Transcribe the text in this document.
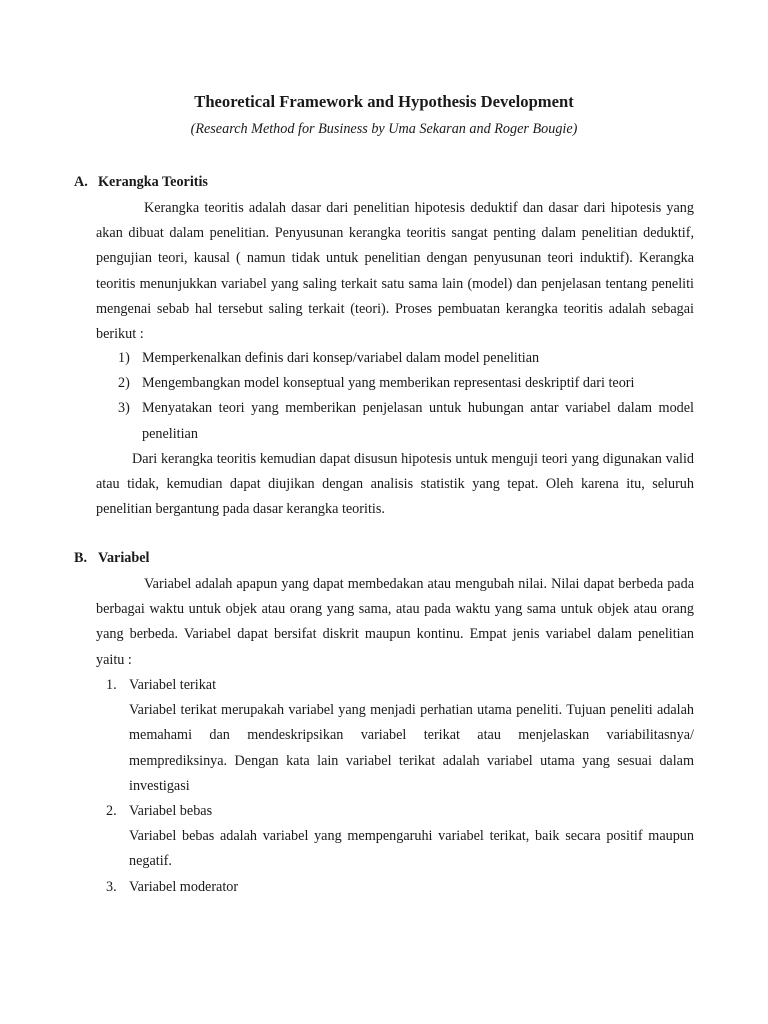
Theoretical Framework and Hypothesis Development
(Research Method for Business by Uma Sekaran and Roger Bougie)
A. Kerangka Teoritis

Kerangka teoritis adalah dasar dari penelitian hipotesis deduktif dan dasar dari hipotesis yang akan dibuat dalam penelitian. Penyusunan kerangka teoritis sangat penting dalam penelitian deduktif, pengujian teori, kausal ( namun tidak untuk penelitian dengan penyusunan teori induktif). Kerangka teoritis menunjukkan variabel yang saling terkait satu sama lain (model) dan penjelasan tentang peneliti mengenai sebab hal tersebut saling terkait (teori). Proses pembuatan kerangka teoritis adalah sebagai berikut :

1) Memperkenalkan definis dari konsep/variabel dalam model penelitian
2) Mengembangkan model konseptual yang memberikan representasi deskriptif dari teori
3) Menyatakan teori yang memberikan penjelasan untuk hubungan antar variabel dalam model penelitian

Dari kerangka teoritis kemudian dapat disusun hipotesis untuk menguji teori yang digunakan valid atau tidak, kemudian dapat diujikan dengan analisis statistik yang tepat. Oleh karena itu, seluruh penelitian bergantung pada dasar kerangka teoritis.

B. Variabel

Variabel adalah apapun yang dapat membedakan atau mengubah nilai. Nilai dapat berbeda pada berbagai waktu untuk objek atau orang yang sama, atau pada waktu yang sama untuk objek atau orang yang berbeda. Variabel dapat bersifat diskrit maupun kontinu. Empat jenis variabel dalam penelitian yaitu :

1. Variabel terikat

Variabel terikat merupakah variabel yang menjadi perhatian utama peneliti. Tujuan peneliti adalah memahami dan mendeskripsikan variabel terikat atau menjelaskan variabilitasnya/ memprediksinya. Dengan kata lain variabel terikat adalah variabel utama yang sesuai dalam investigasi

2. Variabel bebas

Variabel bebas adalah variabel yang mempengaruhi variabel terikat, baik secara positif maupun negatif.

3. Variabel moderator
